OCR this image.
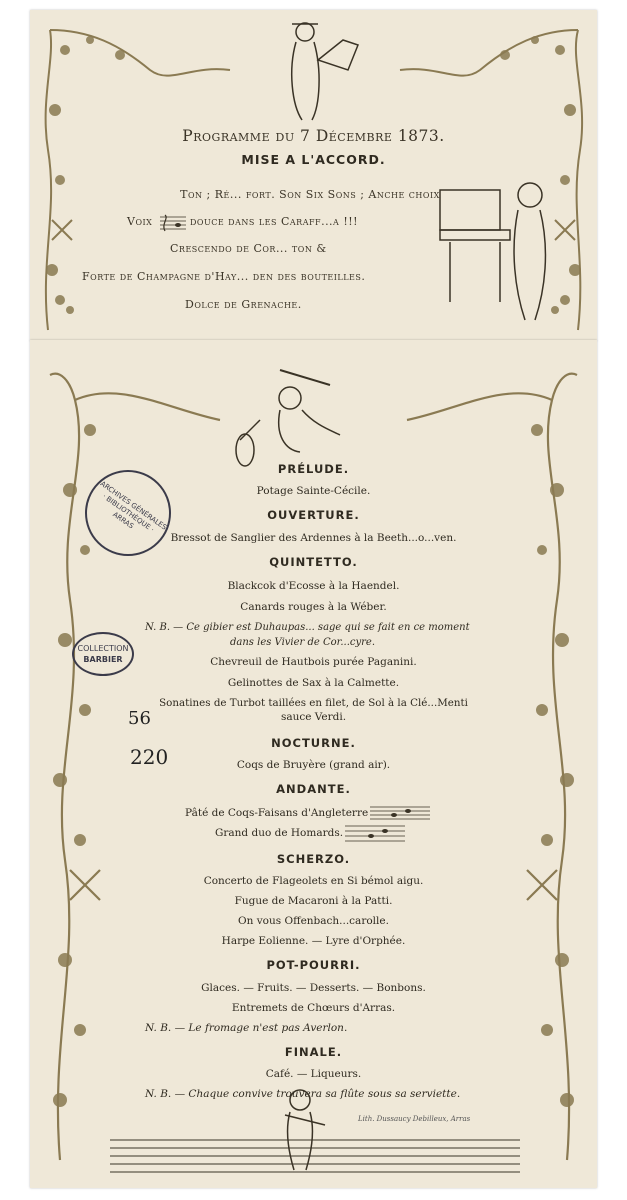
Programme du 7 Décembre 1873.
MISE A L'ACCORD.
Ton ; Ré... fort. Son Six Sons ; Anche choix
Voix	douce dans les Caraff...a !!!
Crescendo de Cor... ton &
Forte de Champagne d'Hay... den des bouteilles.
Dolce de Grenache.
PRÉLUDE.
Potage Sainte-Cécile.
OUVERTURE.
Bressot de Sanglier des Ardennes à la Beeth...o...ven.
QUINTETTO.
Blackcok d'Ecosse à la Haendel.
Canards rouges à la Wéber.
N. B. — Ce gibier est Duhaupas... sage qui se fait en ce moment
dans les Vivier de Cor...cyre.
Chevreuil de Hautbois purée Paganini.
Gelinottes de Sax à la Calmette.
Sonatines de Turbot taillées en filet, de Sol à la Clé...Menti
sauce Verdi.
NOCTURNE.
Coqs de Bruyère (grand air).
ANDANTE.
Pâté de Coqs-Faisans d'Angleterre
Grand duo de Homards.
SCHERZO.
Concerto de Flageolets en Si bémol aigu.
Fugue de Macaroni à la Patti.
On vous Offenbach...carolle.
Harpe Eolienne. — Lyre d'Orphée.
POT-POURRI.
Glaces. — Fruits. — Desserts. — Bonbons.
Entremets de Chœurs d'Arras.
N. B. — Le fromage n'est pas Averlon.
FINALE.
Café. — Liqueurs.
N. B. — Chaque convive trouvera sa flûte sous sa serviette.
Lith. Dussaucy Debilleux, Arras
ARCHIVES GÉNÉRALES · BIBLIOTHÈQUE · ARRAS
COLLECTION
BARBIER
56
220
